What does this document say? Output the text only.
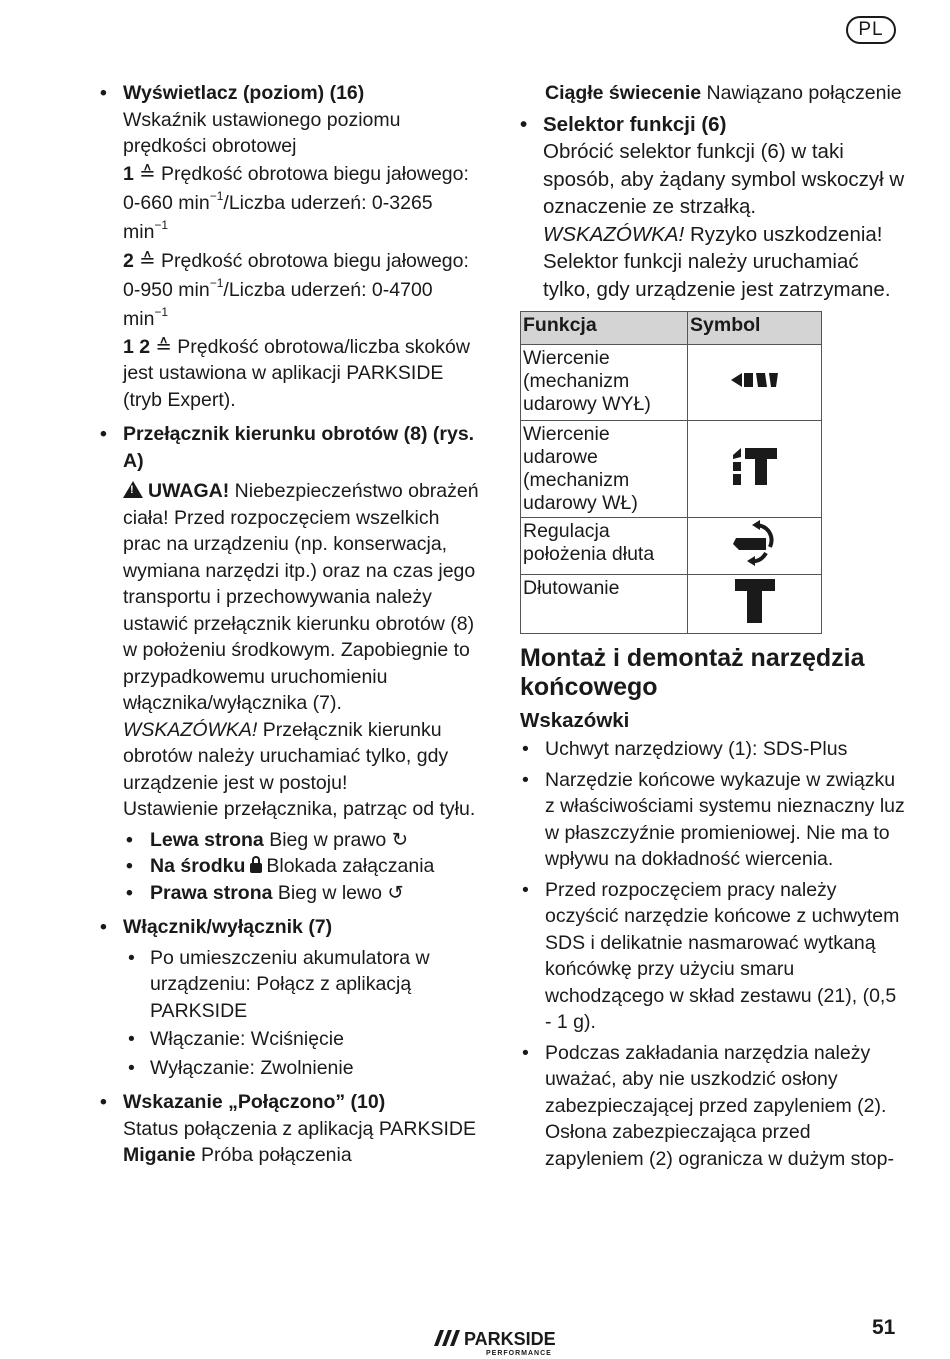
PL
• Wyświetlacz (poziom) (16)
Wskaźnik ustawionego poziomu prędkości obrotowej
1 ≙ Prędkość obrotowa biegu jałowego: 0-660 $\min^{-1}$/Liczba uderzeń: 0-3265 $\min^{-1}$
2 ≙ Prędkość obrotowa biegu jałowego: 0-950 $\min^{-1}$/Liczba uderzeń: 0-4700 $\min^{-1}$
1 2 ≙ Prędkość obrotowa/liczba skoków jest ustawiona w aplikacji PARKSIDE (tryb Expert).
• Przełącznik kierunku obrotów (8) (rys. A)
!UWAGA! Niebezpieczeństwo obrażeń ciała! Przed rozpoczęciem wszelkich prac na urządzeniu (np. konserwacja, wymiana narzędzi itp.) oraz na czas jego transportu i przechowywania należy ustawić przełącznik kierunku obrotów (8) w położeniu środkowym. Zapobiegnie to przypadkowemu uruchomieniu włącznika/wyłącznika (7).
WSKAZÓWKA! Przełącznik kierunku obrotów należy uruchamiać tylko, gdy urządzenie jest w postoju!
Ustawienie przełącznika, patrząc od tyłu.
• Lewa strona Bieg w prawo ↻
• Na środku Blokada załączania
• Prawa strona Bieg w lewo ↺
• Włącznik/wyłącznik (7)
• Po umieszczeniu akumulatora w urządzeniu: Połącz z aplikacją PARKSIDE
• Włączanie: Wciśnięcie
• Wyłączanie: Zwolnienie
• Wskazanie „Połączono” (10)
Status połączenia z aplikacją PARKSIDE
Miganie Próba połączenia
Ciągłe świecenie Nawiązano połączenie
• Selektor funkcji (6)
Obrócić selektor funkcji (6) w taki sposób, aby żądany symbol wskoczył w oznaczenie ze strzałką.
WSKAZÓWKA! Ryzyko uszkodzenia! Selektor funkcji należy uruchamiać tylko, gdy urządzenie jest zatrzymane.
Funkcja	Symbol
Wiercenie (mechanizm udarowy WYŁ)	
Wiercenie udarowe (mechanizm udarowy WŁ)	
Regulacja położenia dłuta	
Dłutowanie	
Montaż i demontaż narzędzia końcowego
Wskazówki
• Uchwyt narzędziowy (1): SDS-Plus
• Narzędzie końcowe wykazuje w związku z właściwościami systemu nieznaczny luz w płaszczyźnie promieniowej. Nie ma to wpływu na dokładność wiercenia.
• Przed rozpoczęciem pracy należy oczyścić narzędzie końcowe z uchwytem SDS i delikatnie nasmarować wytkaną końcówkę przy użyciu smaru wchodzącego w skład zestawu (21), (0,5 - 1 g).
• Podczas zakładania narzędzia należy uważać, aby nie uszkodzić osłony zabezpieczającej przed zapyleniem (2). Osłona zabezpieczająca przed zapyleniem (2) ogranicza w dużym stop-
PARKSIDE
PERFORMANCE
51
